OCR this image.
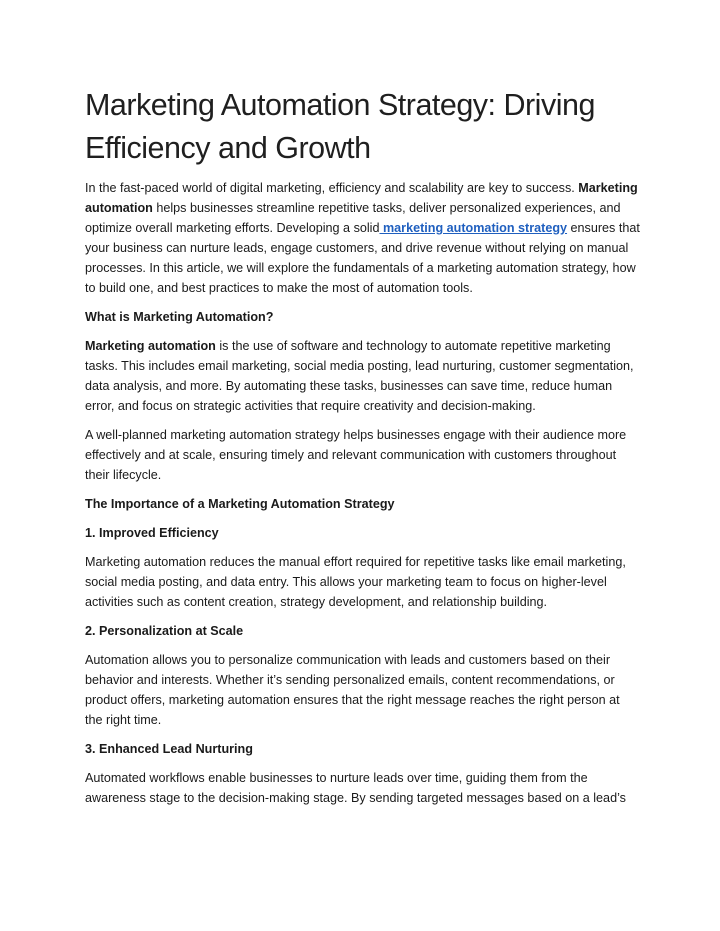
Marketing Automation Strategy: Driving Efficiency and Growth

In the fast-paced world of digital marketing, efficiency and scalability are key to success. Marketing automation helps businesses streamline repetitive tasks, deliver personalized experiences, and optimize overall marketing efforts. Developing a solid marketing automation strategy ensures that your business can nurture leads, engage customers, and drive revenue without relying on manual processes. In this article, we will explore the fundamentals of a marketing automation strategy, how to build one, and best practices to make the most of automation tools.

What is Marketing Automation?

Marketing automation is the use of software and technology to automate repetitive marketing tasks. This includes email marketing, social media posting, lead nurturing, customer segmentation, data analysis, and more. By automating these tasks, businesses can save time, reduce human error, and focus on strategic activities that require creativity and decision-making.

A well-planned marketing automation strategy helps businesses engage with their audience more effectively and at scale, ensuring timely and relevant communication with customers throughout their lifecycle.

The Importance of a Marketing Automation Strategy

1. Improved Efficiency

Marketing automation reduces the manual effort required for repetitive tasks like email marketing, social media posting, and data entry. This allows your marketing team to focus on higher-level activities such as content creation, strategy development, and relationship building.

2. Personalization at Scale

Automation allows you to personalize communication with leads and customers based on their behavior and interests. Whether it’s sending personalized emails, content recommendations, or product offers, marketing automation ensures that the right message reaches the right person at the right time.

3. Enhanced Lead Nurturing

Automated workflows enable businesses to nurture leads over time, guiding them from the awareness stage to the decision-making stage. By sending targeted messages based on a lead’s
